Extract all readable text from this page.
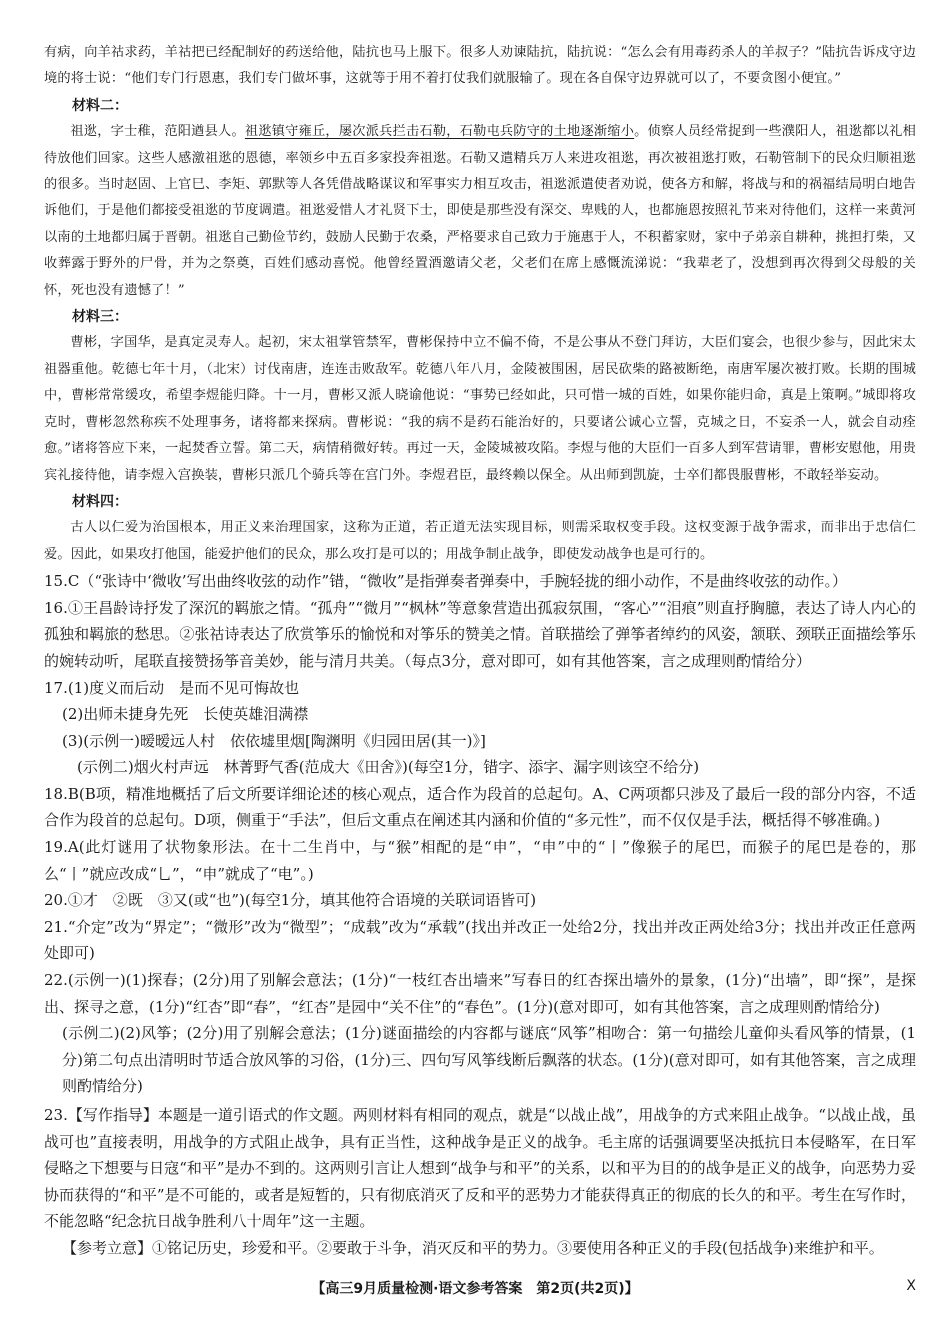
有病，向羊祜求药，羊祜把已经配制好的药送给他，陆抗也马上服下。很多人劝谏陆抗，陆抗说：“怎么会有用毒药杀人的羊叔子？”陆抗告诉戍守边境的将士说：“他们专门行恩惠，我们专门做坏事，这就等于用不着打仗我们就服输了。现在各自保守边界就可以了，不要贪图小便宜。”

材料二：

祖逖，字士稚，范阳遒县人。祖逖镇守雍丘，屡次派兵拦击石勒，石勒屯兵防守的土地逐渐缩小。侦察人员经常捉到一些濮阳人，祖逖都以礼相待放他们回家。这些人感激祖逖的恩德，率领乡中五百多家投奔祖逖。石勒又遣精兵万人来进攻祖逖，再次被祖逖打败，石勒管制下的民众归顺祖逖的很多。当时赵固、上官巳、李矩、郭默等人各凭借战略谋议和军事实力相互攻击，祖逖派遣使者劝说，使各方和解，将战与和的祸福结局明白地告诉他们，于是他们都接受祖逖的节度调遣。祖逖爱惜人才礼贤下士，即使是那些没有深交、卑贱的人，也都施恩按照礼节来对待他们，这样一来黄河以南的土地都归属于晋朝。祖逖自己勤俭节约，鼓励人民勤于农桑，严格要求自己致力于施惠于人，不积蓄家财，家中子弟亲自耕种，挑担打柴，又收葬露于野外的尸骨，并为之祭奠，百姓们感动喜悦。他曾经置酒邀请父老，父老们在席上感慨流涕说：“我辈老了，没想到再次得到父母般的关怀，死也没有遗憾了！”

材料三：

曹彬，字国华，是真定灵寿人。起初，宋太祖掌管禁军，曹彬保持中立不偏不倚，不是公事从不登门拜访，大臣们宴会，也很少参与，因此宋太祖器重他。乾德七年十月，（北宋）讨伐南唐，连连击败敌军。乾德八年八月，金陵被围困，居民砍柴的路被断绝，南唐军屡次被打败。长期的围城中，曹彬常常缓攻，希望李煜能归降。十一月，曹彬又派人晓谕他说：“事势已经如此，只可惜一城的百姓，如果你能归命，真是上策啊。”城即将攻克时，曹彬忽然称疾不处理事务，诸将都来探病。曹彬说：“我的病不是药石能治好的，只要诸公诚心立誓，克城之日，不妄杀一人，就会自动痊愈。”诸将答应下来，一起焚香立誓。第二天，病情稍微好转。再过一天，金陵城被攻陷。李煜与他的大臣们一百多人到军营请罪，曹彬安慰他，用贵宾礼接待他，请李煜入宫换装，曹彬只派几个骑兵等在宫门外。李煜君臣，最终赖以保全。从出师到凯旋，士卒们都畏服曹彬，不敢轻举妄动。

材料四：

古人以仁爱为治国根本，用正义来治理国家，这称为正道，若正道无法实现目标，则需采取权变手段。这权变源于战争需求，而非出于忠信仁爱。因此，如果攻打他国，能爱护他们的民众，那么攻打是可以的；用战争制止战争，即使发动战争也是可行的。

15.C（“张诗中‘微收’写出曲终收弦的动作”错，“微收”是指弹奏者弹奏中，手腕轻拢的细小动作，不是曲终收弦的动作。）

16.①王昌龄诗抒发了深沉的羁旅之情。“孤舟”“微月”“枫林”等意象营造出孤寂氛围，“客心”“泪痕”则直抒胸臆，表达了诗人内心的孤独和羁旅的愁思。②张祜诗表达了欣赏筝乐的愉悦和对筝乐的赞美之情。首联描绘了弹筝者绰约的风姿，颔联、颈联正面描绘筝乐的婉转动听，尾联直接赞扬筝音美妙，能与清月共美。（每点3分，意对即可，如有其他答案，言之成理则酌情给分）

17.(1)度义而后动　是而不见可悔故也

(2)出师未捷身先死　长使英雄泪满襟

(3)(示例一)暧暧远人村　依依墟里烟[陶渊明《归园田居(其一)》]

(示例二)烟火村声远　林菁野气香(范成大《田舍》)(每空1分，错字、添字、漏字则该空不给分)

18.B(B项，精准地概括了后文所要详细论述的核心观点，适合作为段首的总起句。A、C两项都只涉及了最后一段的部分内容，不适合作为段首的总起句。D项，侧重于“手法”，但后文重点在阐述其内涵和价值的“多元性”，而不仅仅是手法，概括得不够准确。)

19.A(此灯谜用了状物象形法。在十二生肖中，与“猴”相配的是“申”，“申”中的“丨”像猴子的尾巴，而猴子的尾巴是卷的，那么“丨”就应改成“乚”，“申”就成了“电”。)

20.①才　②既　③又(或“也”)(每空1分，填其他符合语境的关联词语皆可)

21.“介定”改为“界定”；“微形”改为“微型”；“成载”改为“承载”(找出并改正一处给2分，找出并改正两处给3分；找出并改正任意两处即可)

22.(示例一)(1)探春；(2分)用了别解会意法；(1分)“一枝红杏出墙来”写春日的红杏探出墙外的景象，(1分)“出墙”，即“探”，是探出、探寻之意，(1分)“红杏”即“春”，“红杏”是园中“关不住”的“春色”。(1分)(意对即可，如有其他答案，言之成理则酌情给分)

(示例二)(2)风筝；(2分)用了别解会意法；(1分)谜面描绘的内容都与谜底“风筝”相吻合：第一句描绘儿童仰头看风筝的情景，(1分)第二句点出清明时节适合放风筝的习俗，(1分)三、四句写风筝线断后飘落的状态。(1分)(意对即可，如有其他答案，言之成理则酌情给分)

23.【写作指导】本题是一道引语式的作文题。两则材料有相同的观点，就是“以战止战”，用战争的方式来阻止战争。“以战止战，虽战可也”直接表明，用战争的方式阻止战争，具有正当性，这种战争是正义的战争。毛主席的话强调要坚决抵抗日本侵略军，在日军侵略之下想要与日寇“和平”是办不到的。这两则引言让人想到“战争与和平”的关系，以和平为目的的战争是正义的战争，向恶势力妥协而获得的“和平”是不可能的，或者是短暂的，只有彻底消灭了反和平的恶势力才能获得真正的彻底的长久的和平。考生在写作时，不能忽略“纪念抗日战争胜利八十周年”这一主题。

【参考立意】①铭记历史，珍爱和平。②要敢于斗争，消灭反和平的势力。③要使用各种正义的手段(包括战争)来维护和平。

【高三9月质量检测·语文参考答案　第2页(共2页)】	X
